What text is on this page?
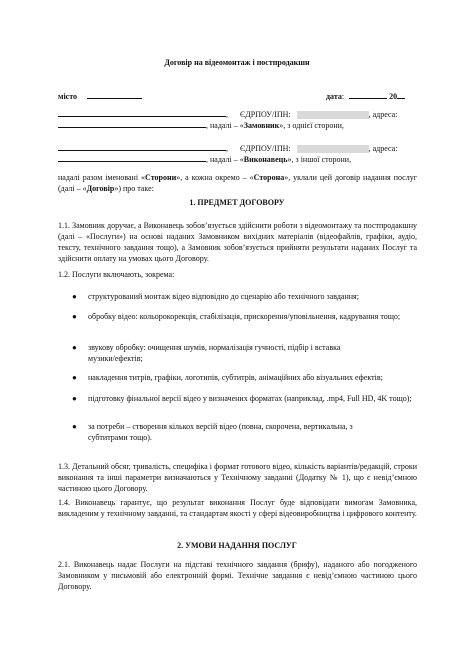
Договір на відеомонтаж і постпродакшн
місто	дата:	20
, ЄДРПОУ/ІПН:	, адреса:
, надалі – «Замовник», з однієї сторони,
, ЄДРПОУ/ІПН:	, адреса:
, надалі – «Виконавець», з іншої сторони,

надалі разом іменовані «Сторони», а кожна окремо – «Сторона», уклали цей договір надання послуг (далі – «Договір») про таке:

1. ПРЕДМЕТ ДОГОВОРУ

1.1. Замовник доручає, а Виконавець зобов’язується здійснити роботи з відеомонтажу та постпродакшну (далі – «Послуги») на основі наданих Замовником вихідних матеріалів (відеофайлів, графіки, аудіо, тексту, технічного завдання тощо), а Замовник зобов’язується прийняти результати наданих Послуг та здійснити оплату на умовах цього Договору.

1.2. Послуги включають, зокрема:

● структурований монтаж відео відповідно до сценарію або технічного завдання;

● обробку відео: кольорокорекція, стабілізація, прискорення/уповільнення, кадрування тощо;

● звукову обробку: очищення шумів, нормалізація гучності, підбір і вставка музики/ефектів;

● накладення титрів, графіки, логотипів, субтитрів, анімаційних або візуальних ефектів;

● підготовку фінальної версії відео у визначених форматах (наприклад, .mp4, Full HD, 4K тощо);

● за потреби – створення кількох версій відео (повна, скорочена, вертикальна, з субтитрами тощо).

1.3. Детальний обсяг, тривалість, специфіка і формат готового відео, кількість варіантів/редакцій, строки виконання та інші параметри визначаються у Технічному завданні (Додатку № 1), що є невід’ємною частиною цього Договору.

1.4. Виконавець гарантує, що результат виконання Послуг буде відповідати вимогам Замовника, викладеним у технічному завданні, та стандартам якості у сфері відеовиробництва і цифрового контенту.

2. УМОВИ НАДАННЯ ПОСЛУГ

2.1. Виконавець надає Послуги на підставі технічного завдання (брифу), наданого або погодженого Замовником у письмовій або електронній формі. Технічне завдання є невід’ємною частиною цього Договору.
